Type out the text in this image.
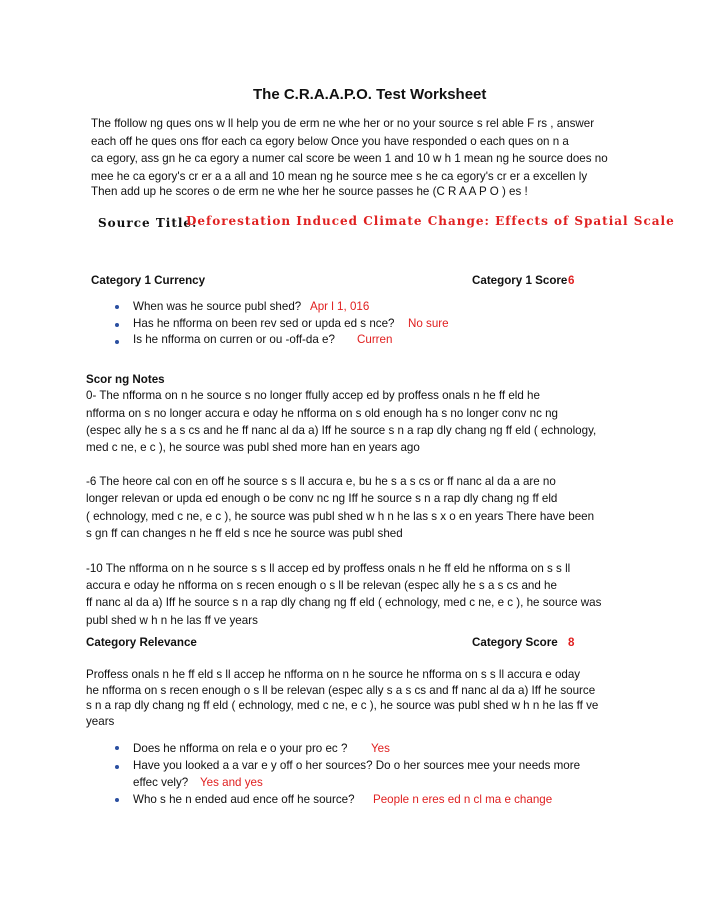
The C.R.A.A.P.O. Test Worksheet
The ffollow ng ques ons w ll help you de erm ne whe her or no your source s rel able F rs , answer
each off he ques ons ffor each ca egory below Once you have responded o each ques on n a
ca egory, ass gn he ca egory a numer cal score be ween 1 and 10 w h 1 mean ng he source does no
mee he ca egory's cr er a a all and 10 mean ng he source mee s he ca egory's cr er a excellen ly
Then add up he scores o de erm ne whe her he source passes he (C R A A P O ) es !
Source Title:
Deforestation Induced Climate Change: Effects of Spatial Scale
Category 1 Currency	Category 1 Score 6
When was he source publ shed? Apr l 1, 016
Has he nfforma on been rev sed or upda ed s nce? No sure
Is he nfforma on curren or ou -off-da e? Curren
Scor ng Notes
0- The nfforma on n he source s no longer ffully accep ed by proffess onals n he ff eld he
nfforma on s no longer accura e oday he nfforma on s old enough ha s no longer conv nc ng
(espec ally he s a s cs and he ff nanc al da a) Iff he source s n a rap dly chang ng ff eld ( echnology,
med c ne, e c ), he source was publ shed more han en years ago
-6 The heore cal con en off he source s s ll accura e, bu he s a s cs or ff nanc al da a are no
longer relevan or upda ed enough o be conv nc ng Iff he source s n a rap dly chang ng ff eld
( echnology, med c ne, e c ), he source was publ shed w h n he las s x o en years There have been
s gn ff can changes n he ff eld s nce he source was publ shed
-10 The nfforma on n he source s s ll accep ed by proffess onals n he ff eld he nfforma on s s ll
accura e oday he nfforma on s recen enough o s ll be relevan (espec ally he s a s cs and he
ff nanc al da a) Iff he source s n a rap dly chang ng ff eld ( echnology, med c ne, e c ), he source was
publ shed w h n he las ff ve years
Category Relevance	Category Score 8
Proffess onals n he ff eld s ll accep he nfforma on n he source he nfforma on s s ll accura e oday
he nfforma on s recen enough o s ll be relevan (espec ally s a s cs and ff nanc al da a) Iff he source
s n a rap dly chang ng ff eld ( echnology, med c ne, e c ), he source was publ shed w h n he las ff ve
years
Does he nfforma on rela e o your pro ec ? Yes
Have you looked a a var e y off o her sources? Do o her sources mee your needs more
effec vely? Yes and yes
Who s he n ended aud ence off he source? People n eres ed n cl ma e change
